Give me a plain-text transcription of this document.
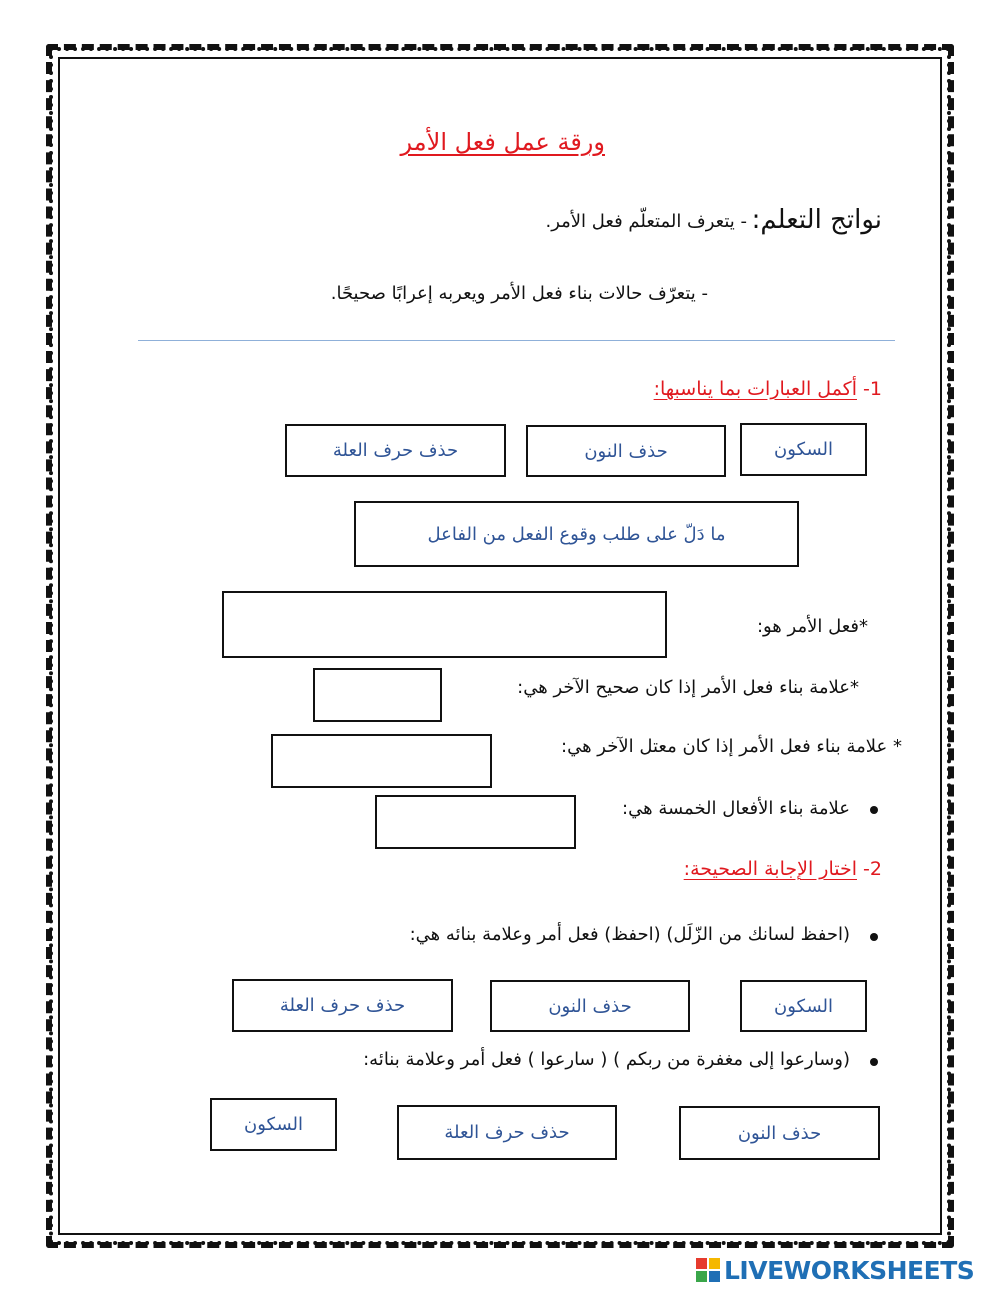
ورقة عمل فعل الأمر
نواتج التعلم:
- يتعرف المتعلّم فعل الأمر.
- يتعرّف حالات بناء فعل الأمر ويعربه إعرابًا صحيحًا.
1- أكمل العبارات بما يناسبها:
السكون
حذف النون
حذف حرف العلة
ما دَلّ على طلب وقوع الفعل من الفاعل
*فعل الأمر هو:
*علامة بناء فعل الأمر إذا كان صحيح الآخر هي:
* علامة بناء فعل الأمر إذا كان معتل الآخر هي:
علامة بناء الأفعال الخمسة هي:
2- اختار الإجابة الصحيحة:
(احفظ لسانك من الزّلَل) (احفظ) فعل أمر وعلامة بنائه هي:
السكون
حذف النون
حذف حرف العلة
(وسارعوا إلى مغفرة من ربكم ) ( سارعوا ) فعل أمر وعلامة بنائه:
حذف النون
حذف حرف العلة
السكون
LIVEWORKSHEETS
